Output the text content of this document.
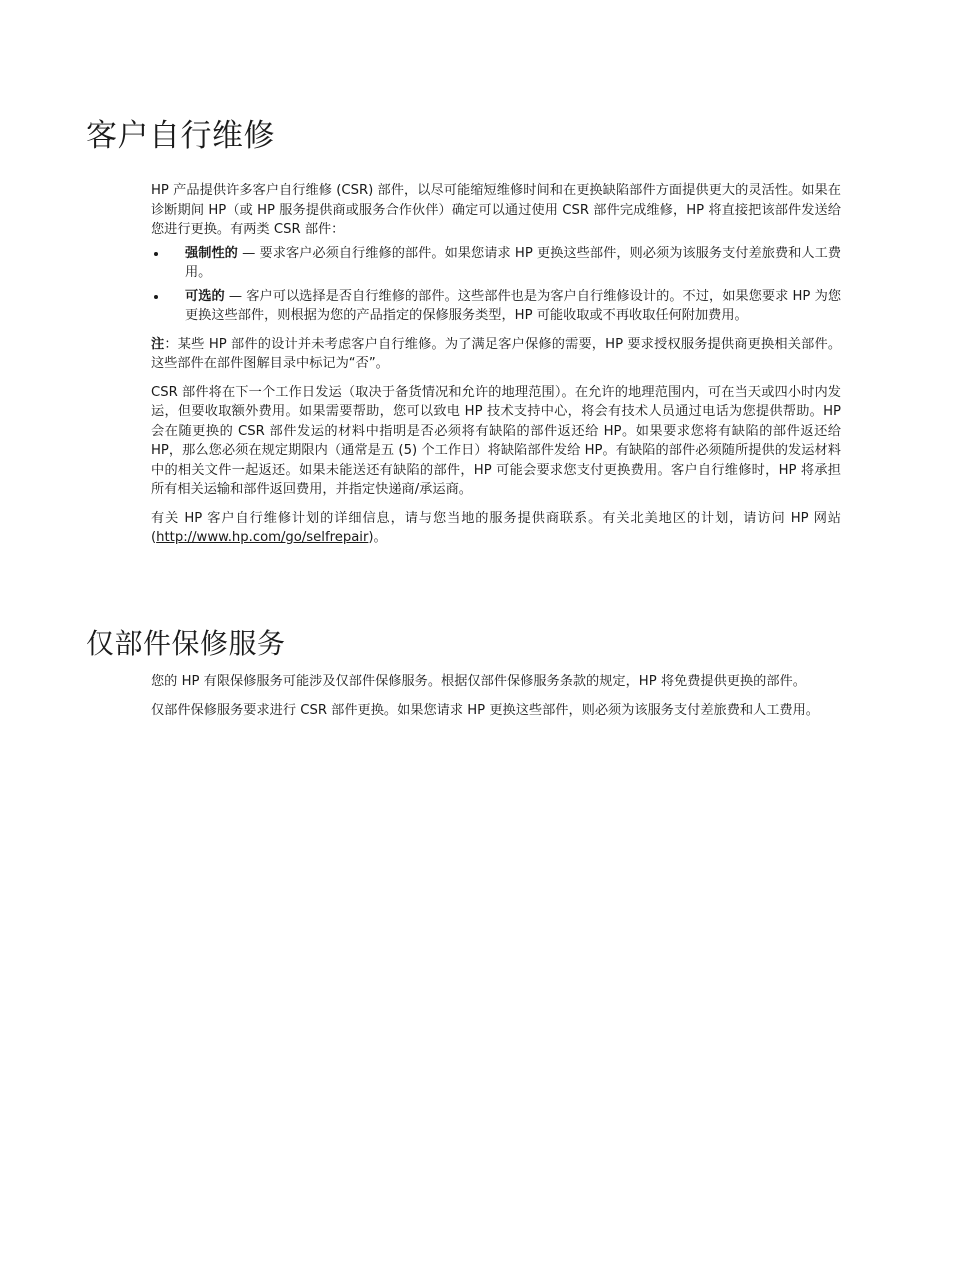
客户自行维修

HP 产品提供许多客户自行维修 (CSR) 部件，以尽可能缩短维修时间和在更换缺陷部件方面提供更大的灵活性。如果在诊断期间 HP（或 HP 服务提供商或服务合作伙伴）确定可以通过使用 CSR 部件完成维修，HP 将直接把该部件发送给您进行更换。有两类 CSR 部件：

强制性的 — 要求客户必须自行维修的部件。如果您请求 HP 更换这些部件，则必须为该服务支付差旅费和人工费用。

可选的 — 客户可以选择是否自行维修的部件。这些部件也是为客户自行维修设计的。不过，如果您要求 HP 为您更换这些部件，则根据为您的产品指定的保修服务类型，HP 可能收取或不再收取任何附加费用。

注：某些 HP 部件的设计并未考虑客户自行维修。为了满足客户保修的需要，HP 要求授权服务提供商更换相关部件。这些部件在部件图解目录中标记为“否”。

CSR 部件将在下一个工作日发运（取决于备货情况和允许的地理范围）。在允许的地理范围内，可在当天或四小时内发运，但要收取额外费用。如果需要帮助，您可以致电 HP 技术支持中心，将会有技术人员通过电话为您提供帮助。HP 会在随更换的 CSR 部件发运的材料中指明是否必须将有缺陷的部件返还给 HP。如果要求您将有缺陷的部件返还给 HP，那么您必须在规定期限内（通常是五 (5) 个工作日）将缺陷部件发给 HP。有缺陷的部件必须随所提供的发运材料中的相关文件一起返还。如果未能送还有缺陷的部件，HP 可能会要求您支付更换费用。客户自行维修时，HP 将承担所有相关运输和部件返回费用，并指定快递商/承运商。

有关 HP 客户自行维修计划的详细信息，请与您当地的服务提供商联系。有关北美地区的计划，请访问 HP 网站 (http://www.hp.com/go/selfrepair)。

仅部件保修服务

您的 HP 有限保修服务可能涉及仅部件保修服务。根据仅部件保修服务条款的规定，HP 将免费提供更换的部件。

仅部件保修服务要求进行 CSR 部件更换。如果您请求 HP 更换这些部件，则必须为该服务支付差旅费和人工费用。
